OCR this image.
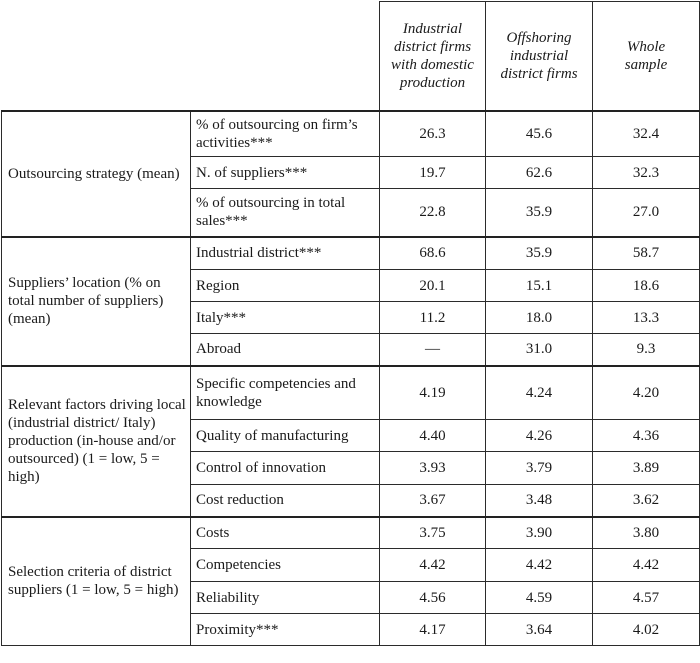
		Industrial district firms with domestic production	Offshoring industrial district firms	Whole sample
Outsourcing strategy (mean)	% of outsourcing on firm’s activities***	26.3	45.6	32.4
	N. of suppliers***	19.7	62.6	32.3
	% of outsourcing in total sales***	22.8	35.9	27.0
Suppliers’ location (% on total number of suppliers) (mean)	Industrial district***	68.6	35.9	58.7
	Region	20.1	15.1	18.6
	Italy***	11.2	18.0	13.3
	Abroad	—	31.0	9.3
Relevant factors driving local (industrial district/ Italy) production (in-house and/or outsourced) (1 = low, 5 = high)	Specific competencies and knowledge	4.19	4.24	4.20
	Quality of manufacturing	4.40	4.26	4.36
	Control of innovation	3.93	3.79	3.89
	Cost reduction	3.67	3.48	3.62
Selection criteria of district suppliers (1 = low, 5 = high)	Costs	3.75	3.90	3.80
	Competencies	4.42	4.42	4.42
	Reliability	4.56	4.59	4.57
	Proximity***	4.17	3.64	4.02
